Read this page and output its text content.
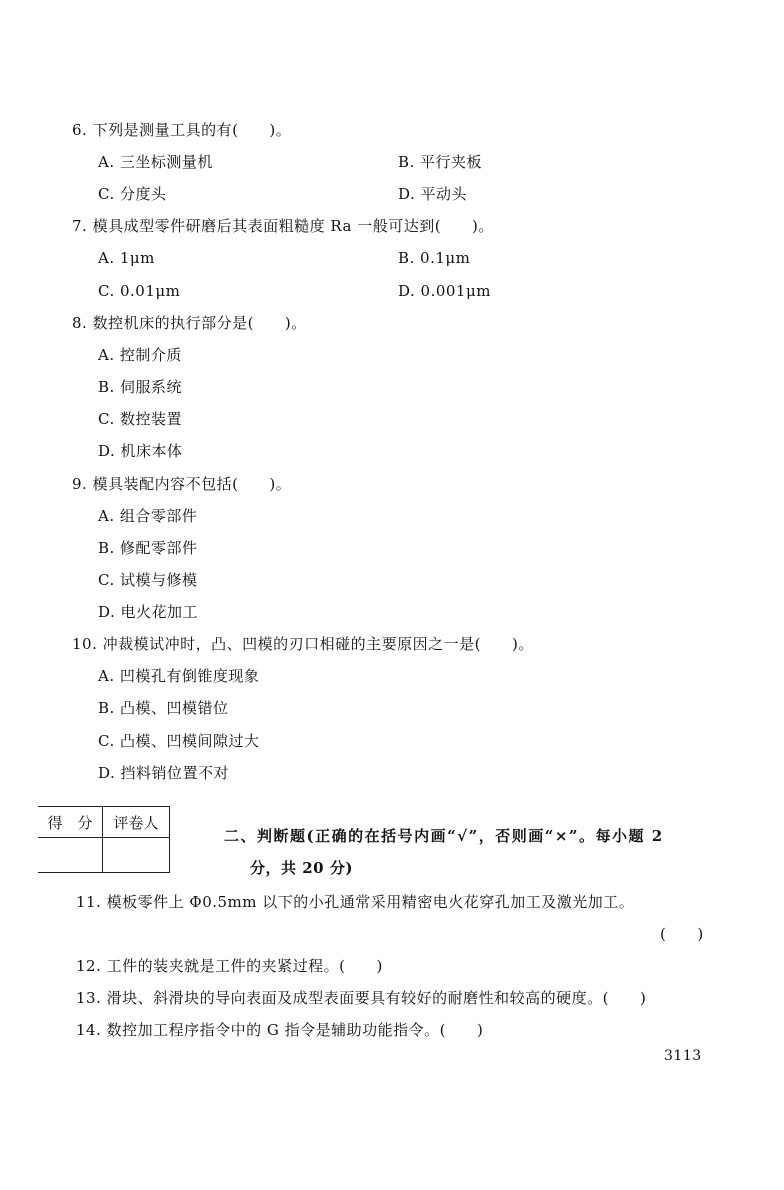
6. 下列是测量工具的有(　　)。
A. 三坐标测量机	B. 平行夹板
C. 分度头	D. 平动头
7. 模具成型零件研磨后其表面粗糙度 Ra 一般可达到(　　)。
A. 1μm	B. 0.1μm
C. 0.01μm	D. 0.001μm
8. 数控机床的执行部分是(　　)。
A. 控制介质
B. 伺服系统
C. 数控装置
D. 机床本体
9. 模具装配内容不包括(　　)。
A. 组合零部件
B. 修配零部件
C. 试模与修模
D. 电火花加工
10. 冲裁模试冲时，凸、凹模的刃口相碰的主要原因之一是(　　)。
A. 凹模孔有倒锥度现象
B. 凸模、凹模错位
C. 凸模、凹模间隙过大
D. 挡料销位置不对
得　分	评卷人

二、判断题(正确的在括号内画“√”，否则画“×”。每小题 2
分，共 20 分)
11. 模板零件上 Φ0.5mm 以下的小孔通常采用精密电火花穿孔加工及激光加工。
(　　)
12. 工件的装夹就是工件的夹紧过程。(　　)
13. 滑块、斜滑块的导向表面及成型表面要具有较好的耐磨性和较高的硬度。(　　)
14. 数控加工程序指令中的 G 指令是辅助功能指令。(　　)
3113
